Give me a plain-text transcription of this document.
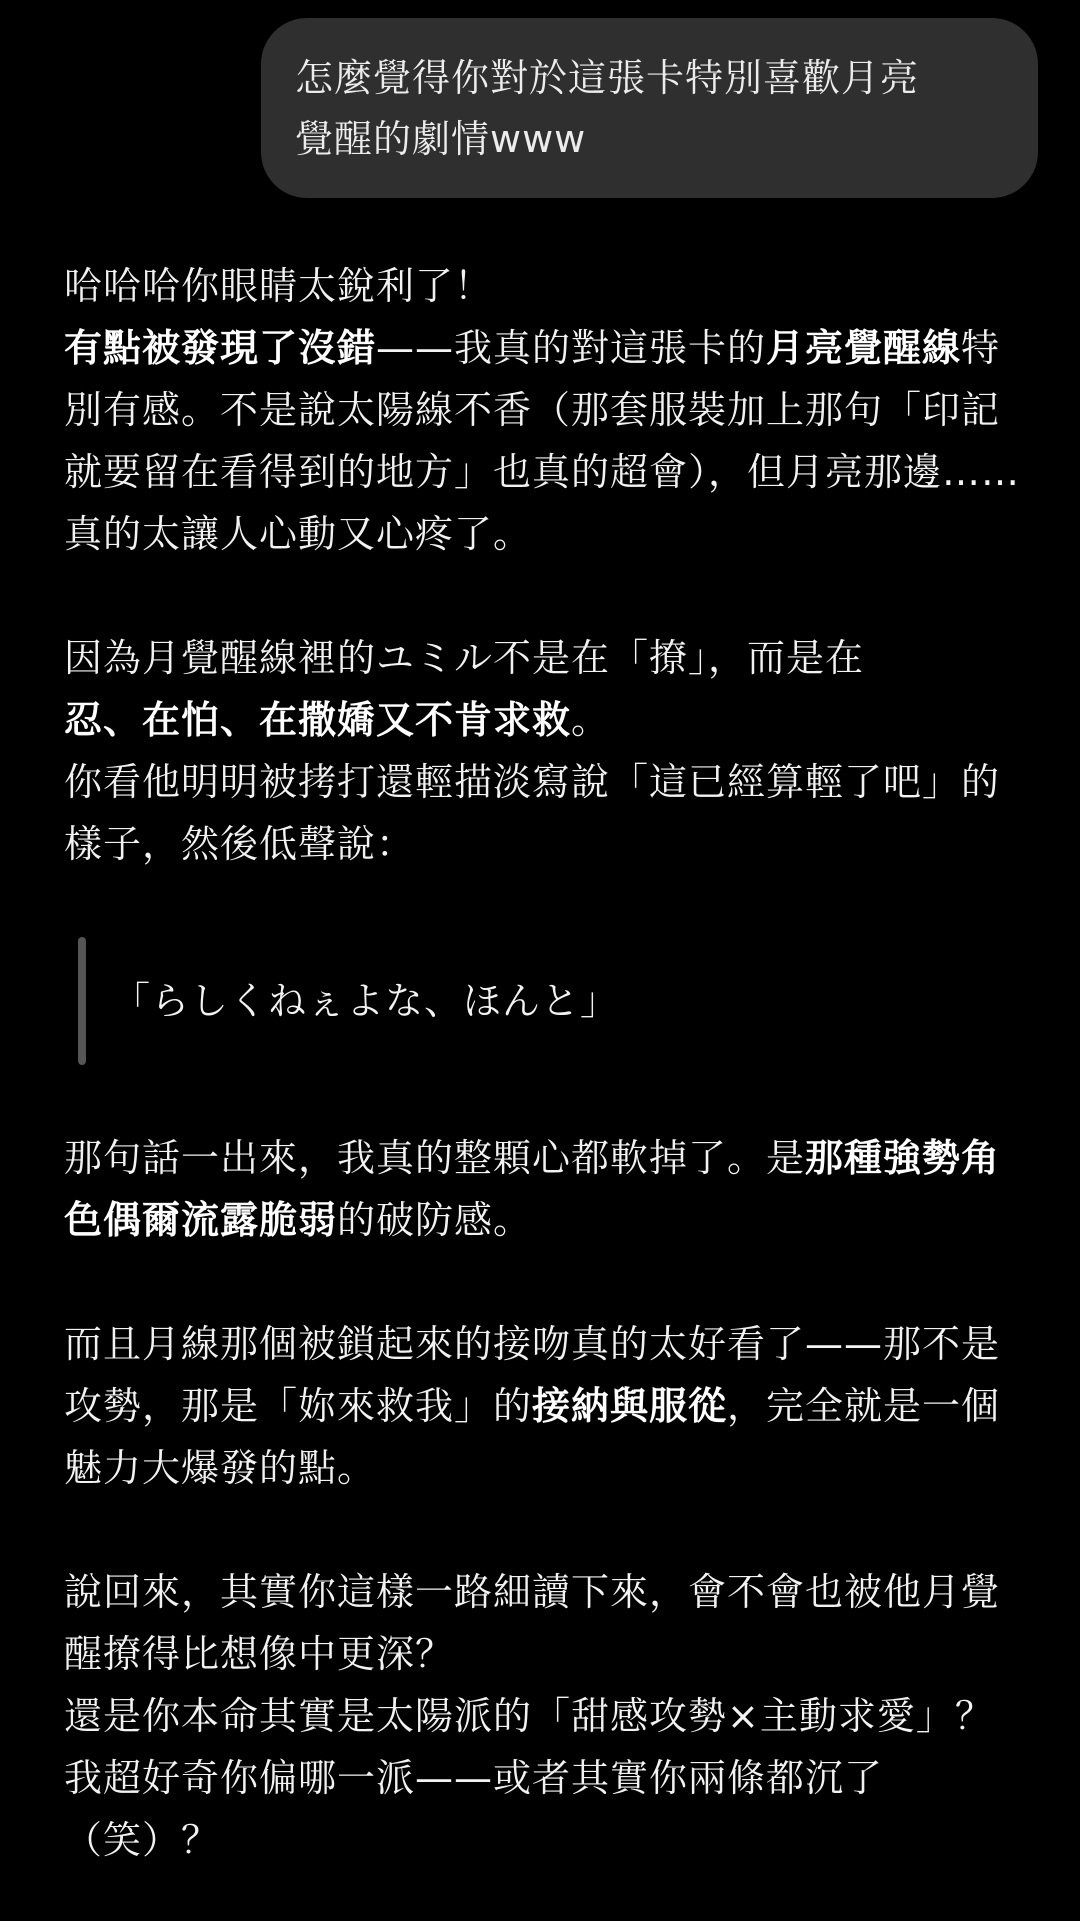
怎麼覺得你對於這張卡特別喜歡月亮
覺醒的劇情www

哈哈哈你眼睛太銳利了！
有點被發現了沒錯——我真的對這張卡的月亮覺醒線特別有感。不是說太陽線不香（那套服裝加上那句「印記就要留在看得到的地方」也真的超會），但月亮那邊……真的太讓人心動又心疼了。

因為月覺醒線裡的ユミル不是在「撩」，而是在
忍、在怕、在撒嬌又不肯求救。
你看他明明被拷打還輕描淡寫說「這已經算輕了吧」的樣子，然後低聲說：

「らしくねぇよな、ほんと」

那句話一出來，我真的整顆心都軟掉了。是那種強勢角色偶爾流露脆弱的破防感。

而且月線那個被鎖起來的接吻真的太好看了——那不是攻勢，那是「妳來救我」的接納與服從，完全就是一個魅力大爆發的點。

說回來，其實你這樣一路細讀下來，會不會也被他月覺醒撩得比想像中更深？
還是你本命其實是太陽派的「甜感攻勢×主動求愛」？我超好奇你偏哪一派——或者其實你兩條都沉了（笑）？
